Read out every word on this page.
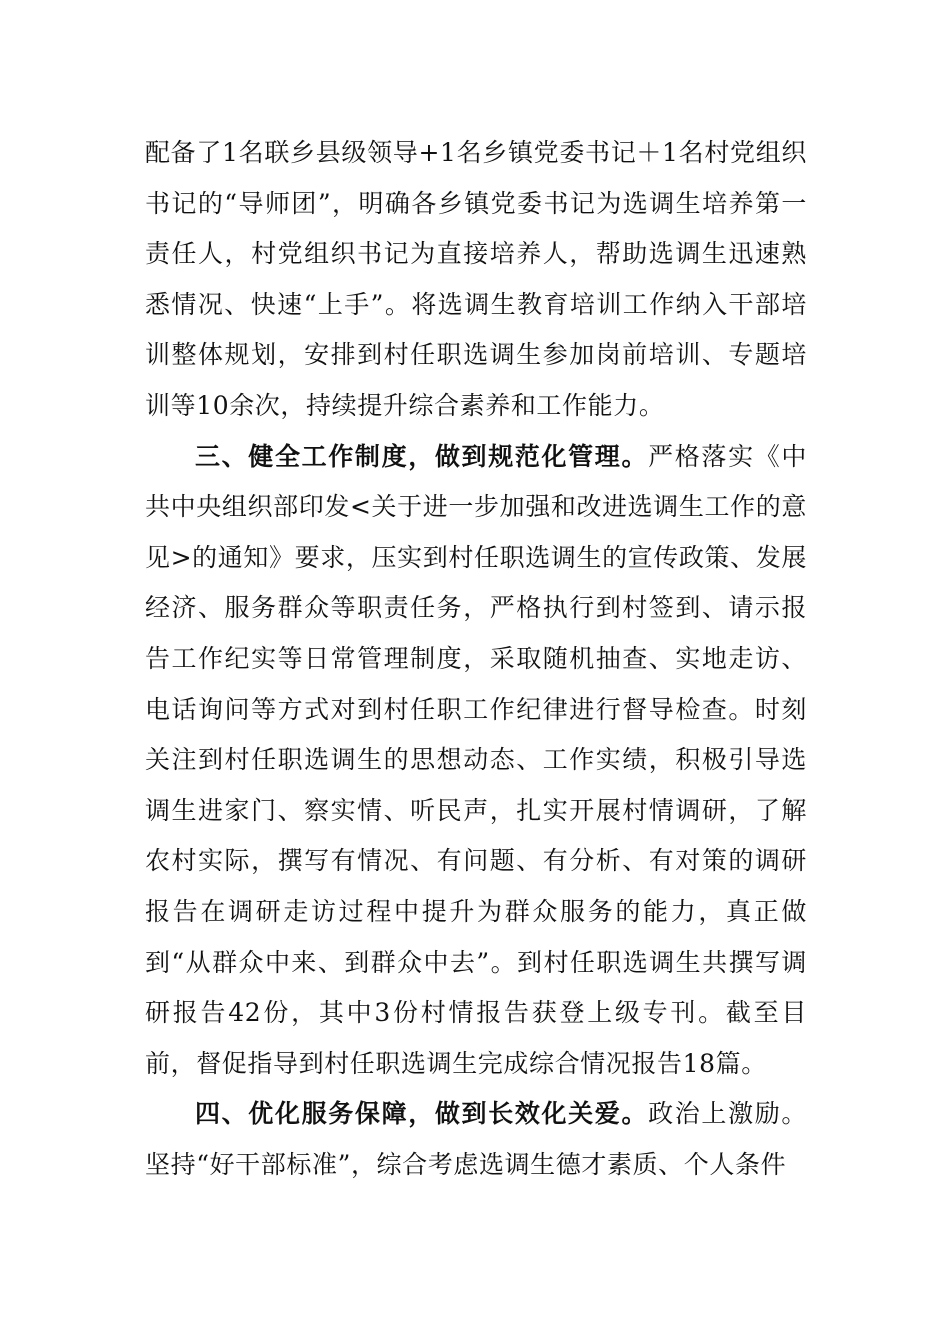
配备了1名联乡县级领导+1名乡镇党委书记＋1名村党组织书记的“导师团”，明确各乡镇党委书记为选调生培养第一责任人，村党组织书记为直接培养人，帮助选调生迅速熟悉情况、快速“上手”。将选调生教育培训工作纳入干部培训整体规划，安排到村任职选调生参加岗前培训、专题培训等10余次，持续提升综合素养和工作能力。

三、健全工作制度，做到规范化管理。严格落实《中共中央组织部印发<关于进一步加强和改进选调生工作的意见>的通知》要求，压实到村任职选调生的宣传政策、发展经济、服务群众等职责任务，严格执行到村签到、请示报告工作纪实等日常管理制度，采取随机抽查、实地走访、电话询问等方式对到村任职工作纪律进行督导检查。时刻关注到村任职选调生的思想动态、工作实绩，积极引导选调生进家门、察实情、听民声，扎实开展村情调研，了解农村实际，撰写有情况、有问题、有分析、有对策的调研报告在调研走访过程中提升为群众服务的能力，真正做到“从群众中来、到群众中去”。到村任职选调生共撰写调研报告42份，其中3份村情报告获登上级专刊。截至目前，督促指导到村任职选调生完成综合情况报告18篇。

四、优化服务保障，做到长效化关爱。政治上激励。坚持“好干部标准”，综合考虑选调生德才素质、个人条件
